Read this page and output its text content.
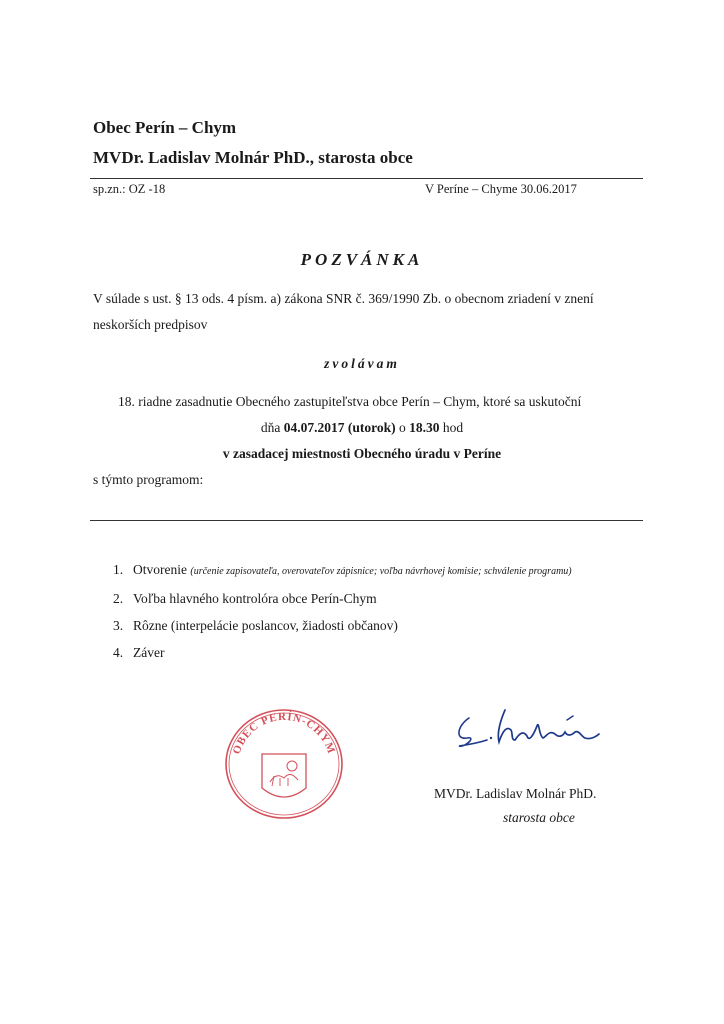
Obec Perín – Chym
MVDr. Ladislav Molnár PhD., starosta obce
sp.zn.: OZ -18	V Períne – Chyme 30.06.2017
POZVÁNKA
V súlade s ust. § 13 ods. 4 písm. a) zákona SNR č. 369/1990 Zb. o obecnom zriadení v znení
neskorších predpisov
zvolávam
18. riadne zasadnutie Obecného zastupiteľstva obce Perín – Chym, ktoré sa uskutoční
dňa 04.07.2017 (utorok) o 18.30 hod
v zasadacej miestnosti Obecného úradu v Períne
s týmto programom:
1. Otvorenie (určenie zapisovateľa, overovateľov zápisnice; voľba návrhovej komisie; schválenie programu)
2. Voľba hlavného kontrolóra obce Perín-Chym
3. Rôzne (interpelácie poslancov, žiadosti občanov)
4. Záver
OBEC PERÍN-CHYM
MVDr. Ladislav Molnár PhD.
starosta obce
